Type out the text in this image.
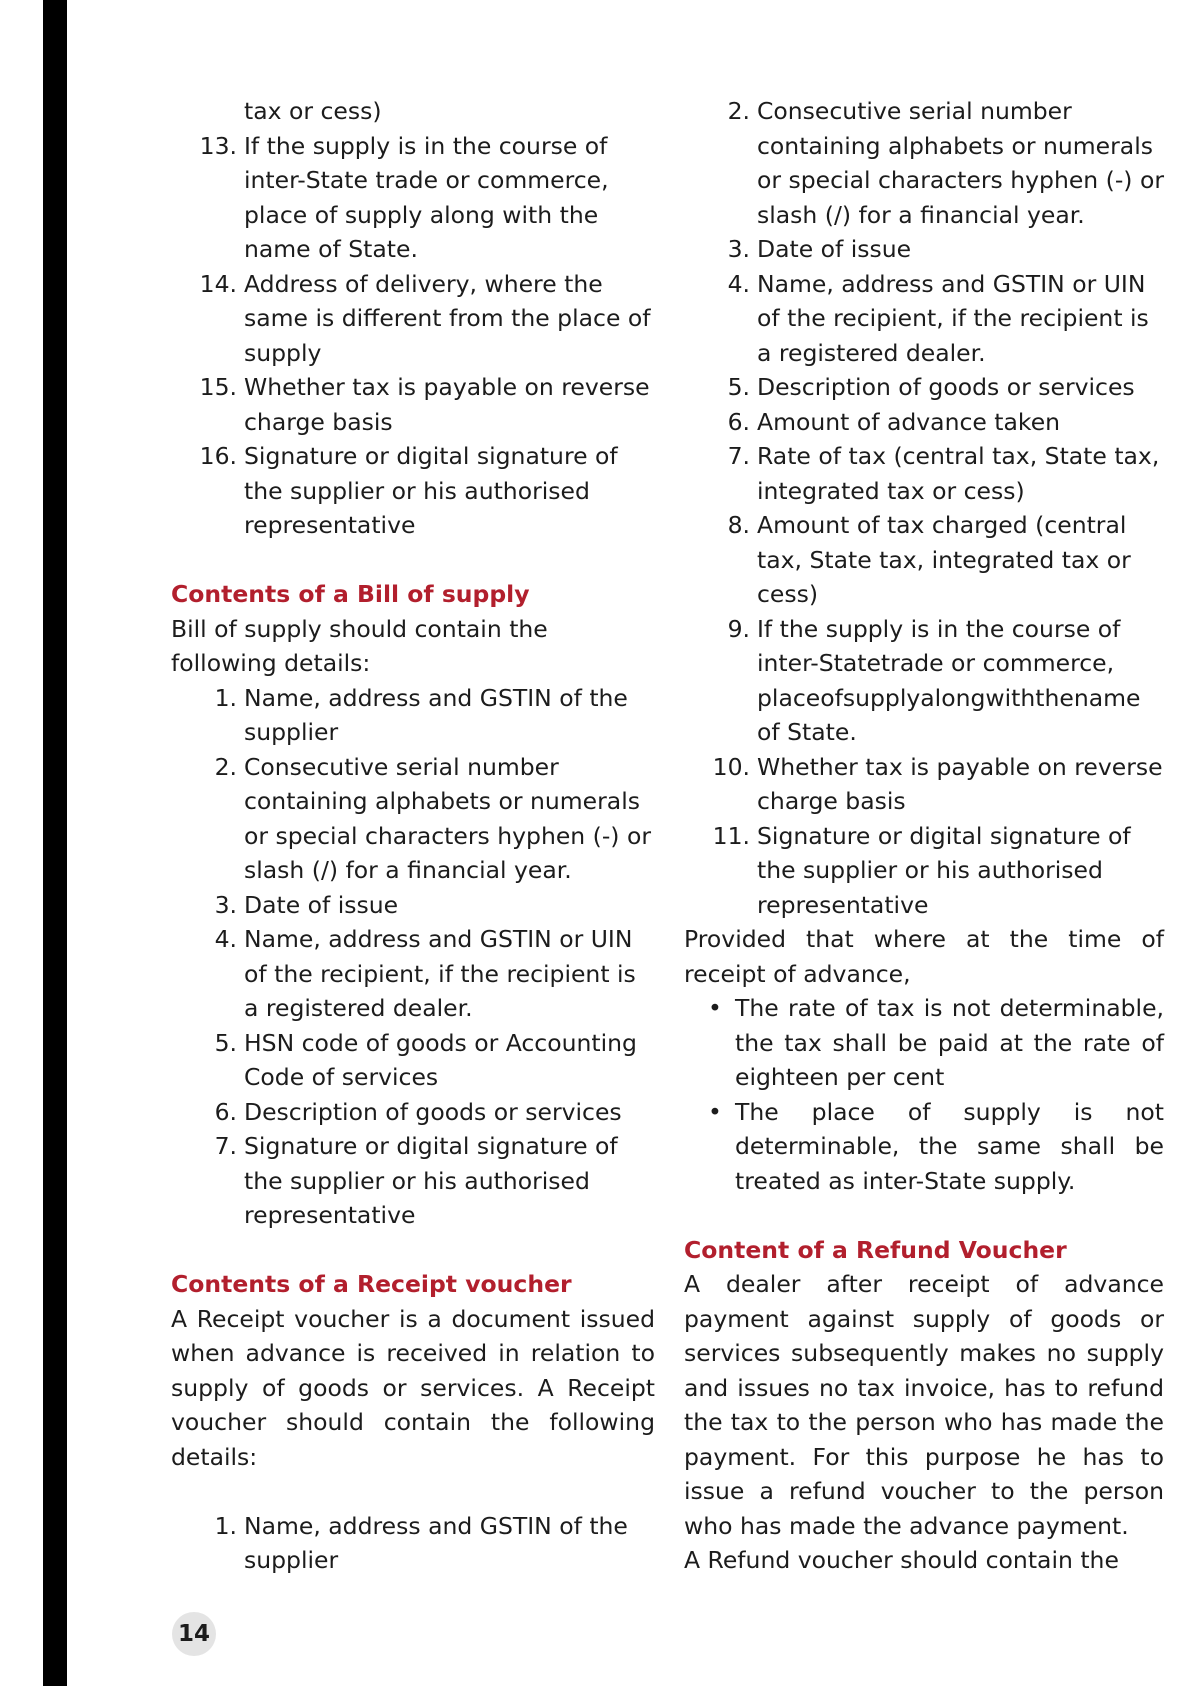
tax or cess)
13. If the supply is in the course of inter-State trade or commerce, place of supply along with the name of State.
14. Address of delivery, where the same is different from the place of supply
15. Whether tax is payable on reverse charge basis
16. Signature or digital signature of the supplier or his authorised representative
Contents of a Bill of supply
Bill of supply should contain the following details:
1. Name, address and GSTIN of the supplier
2. Consecutive serial number containing alphabets or numerals or special characters hyphen (-) or slash (/) for a financial year.
3. Date of issue
4. Name, address and GSTIN or UIN of the recipient, if the recipient is a registered dealer.
5. HSN code of goods or Accounting Code of services
6. Description of goods or services
7. Signature or digital signature of the supplier or his authorised representative
Contents of a Receipt voucher
A Receipt voucher is a document issued when advance is received in relation to supply of goods or services. A Receipt voucher should contain the following details:
1. Name, address and GSTIN of the supplier
2. Consecutive serial number containing alphabets or numerals or special characters hyphen (-) or slash (/) for a financial year.
3. Date of issue
4. Name, address and GSTIN or UIN of the recipient, if the recipient is a registered dealer.
5. Description of goods or services
6. Amount of advance taken
7. Rate of tax (central tax, State tax, integrated tax or cess)
8. Amount of tax charged (central tax, State tax, integrated tax or cess)
9. If the supply is in the course of inter-Statetrade or commerce, placeofsupplyalongwiththename of State.
10. Whether tax is payable on reverse charge basis
11. Signature or digital signature of the supplier or his authorised representative
Provided that where at the time of receipt of advance,
• The rate of tax is not determinable, the tax shall be paid at the rate of eighteen per cent
• The place of supply is not determinable, the same shall be treated as inter-State supply.
Content of a Refund Voucher
A dealer after receipt of advance payment against supply of goods or services subsequently makes no supply and issues no tax invoice, has to refund the tax to the person who has made the payment. For this purpose he has to issue a refund voucher to the person who has made the advance payment.
A Refund voucher should contain the
14
